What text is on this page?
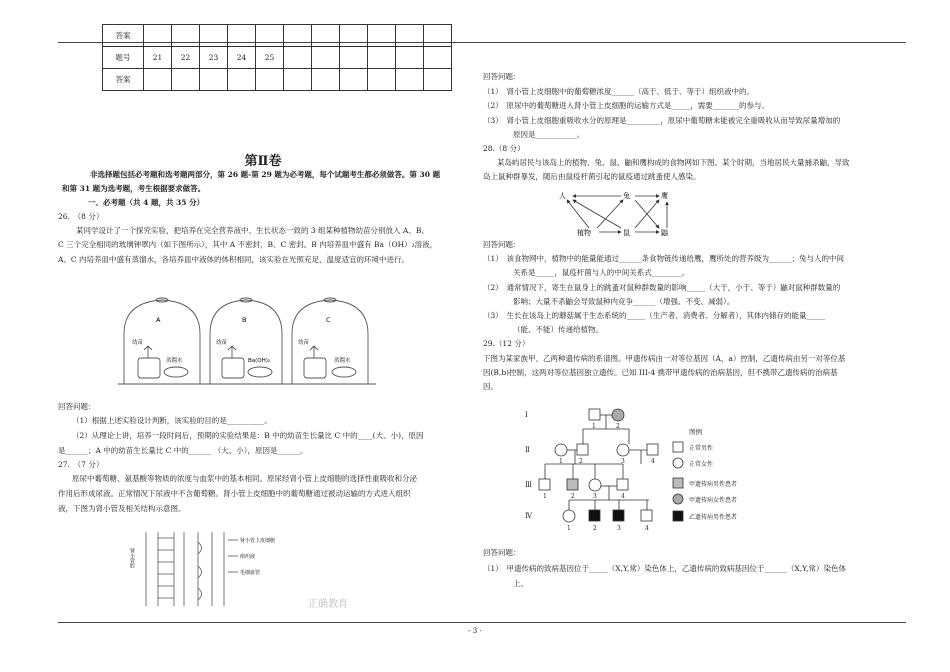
- 3 -
答案											
题号	21	22	23	24	25						
答案											
第Ⅱ卷
非选择题包括必考题和选考题两部分，第 26 题-第 29 题为必考题，每个试题考生都必须做答。第 30 题
和第 31 题为选考题，考生根据要求做答。
一、必考题（共 4 题，共 35 分）
26.　（8 分）
某同学设计了一个探究实验，把培养在完全营养液中、生长状态一致的 3 组某种植物幼苗分别放入 A、B、
C 三个完全相同的玻璃钟罩内（如下图所示），其中 A 不密封，B、C 密封。B 内培养皿中盛有 Ba（OH）₂溶液，
A、C 内培养皿中盛有蒸馏水，各培养皿中液体的体积相同，该实验在光照充足，温度适宜的环境中进行。
A	B	C
幼苗	幼苗	幼苗
蒸馏水	Ba(OH)₂	蒸馏水
回答问题：
（1）根据上述实验设计判断，该实验的目的是__________。
（2）从理论上讲，培养一段时间后，预期的实验结果是：B 中的幼苗生长量比 C 中的____(大、小)，原因
是______；A 中的幼苗生长量比 C 中的______ （大、小），原因是______。
27.　（7 分）
原尿中葡萄糖、氨基酸等物质的浓度与血浆中的基本相同。原尿经肾小管上皮细胞的选择性重吸收和分泌
作用后形成尿液。正常情况下尿液中不含葡萄糖。肾小管上皮细胞中的葡萄糖通过被动运输的方式进入组织
液，下图为肾小管及相关结构示意图。
肾小管腔
肾小管上皮细胞
组织液
毛细血管
正确教育
回答问题：
（1）　肾小管上皮细胞中的葡萄糖浓度______（高于、低于、等于）组织液中的。
（2）　原尿中的葡萄糖进入肾小管上皮细胞的运输方式是_____，需要_______的参与。
（3）　肾小管上皮细胞重吸收水分的原理是_________，原尿中葡萄糖未能被完全重吸收从而导致尿量增加的
原因是___________。
28.（8 分）
某岛屿居民与该岛上的植物、兔、鼠、鼬和鹰构成的食物网如下图。某个时期，当地居民大量捕杀鼬，导致
岛上鼠种群暴发，随后由鼠疫杆菌引起的鼠疫通过跳蚤使人感染。
人	兔	鹰
植物	鼠	鼬
回答问题：
（1）　该食物网中，植物中的能量能通过______条食物链传递给鹰，鹰所处的营养级为______；兔与人的中间
关系是_____，鼠疫杆菌与人的中间关系式________。
（2）　通常情况下，寄生在鼠身上的跳蚤对鼠种群数量的影响_____（大于，小于、等于）鼬对鼠种群数量的
影响；大量不杀鼬会导致鼠种内竞争______（增强、不变、减弱）。
（3）　生长在该岛上的蘑菇属于生态系统的_____（生产者、消费者、分解者），其体内储存的能量_____
（能、不能）传递给植物。
29.（12 分）
下图为某家族甲、乙两种遗传病的系谱图。甲遗传病由一对等位基因（A，a）控制，乙遗传病由另一对等位基
因(B,b)控制，这两对等位基因独立遗传。已知 III-4 携带甲遗传病的治病基因，但不携带乙遗传病的治病基
因。
Ⅰ
Ⅱ
Ⅲ
Ⅳ
1	2
2	3	4
1
1	2	3	4
1	2	3	4
图例
正常男性
正常女性
甲遗传病男性患者
甲遗传病女性患者
乙遗传病男性患者
回答问题：
（1）　甲遗传病的致病基因位于_____（X,Y,常）染色体上，乙遗传病的致病基因位于______（X,Y,常）染色体
上。
